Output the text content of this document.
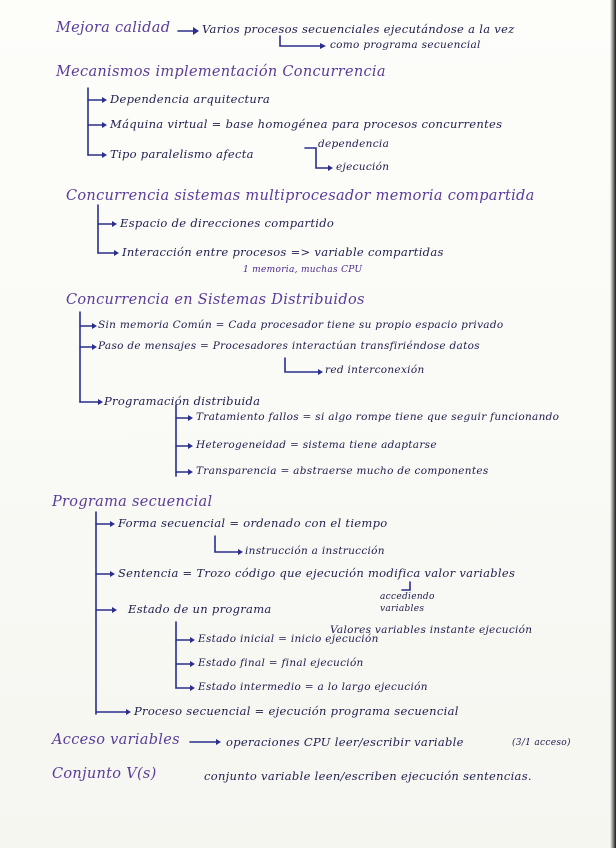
Mejora calidad	Varios procesos secuenciales ejecutándose a la vez
como programa secuencial
Mecanismos implementación Concurrencia
Dependencia arquitectura
Máquina virtual = base homogénea para procesos concurrentes
Tipo paralelismo afecta
dependencia
ejecución
Concurrencia sistemas multiprocesador memoria compartida
Espacio de direcciones compartido
Interacción entre procesos => variable compartidas
1 memoria, muchas CPU
Concurrencia en Sistemas Distribuidos
Sin memoria Común = Cada procesador tiene su propio espacio privado
Paso de mensajes = Procesadores interactúan transfiriéndose datos
red interconexión
Programación distribuida
Tratamiento fallos = si algo rompe tiene que seguir funcionando
Heterogeneidad = sistema tiene adaptarse
Transparencia = abstraerse mucho de componentes
Programa secuencial
Forma secuencial = ordenado con el tiempo
instrucción a instrucción
Sentencia = Trozo código que ejecución modifica valor variables
accediendo
variables
Estado de un programa
Valores variables instante ejecución
Estado inicial = inicio ejecución
Estado final = final ejecución
Estado intermedio = a lo largo ejecución
Proceso secuencial = ejecución programa secuencial
Acceso variables	operaciones CPU leer/escribir variable	(3/1 acceso)
Conjunto V(s)	conjunto variable leen/escriben ejecución sentencias.
